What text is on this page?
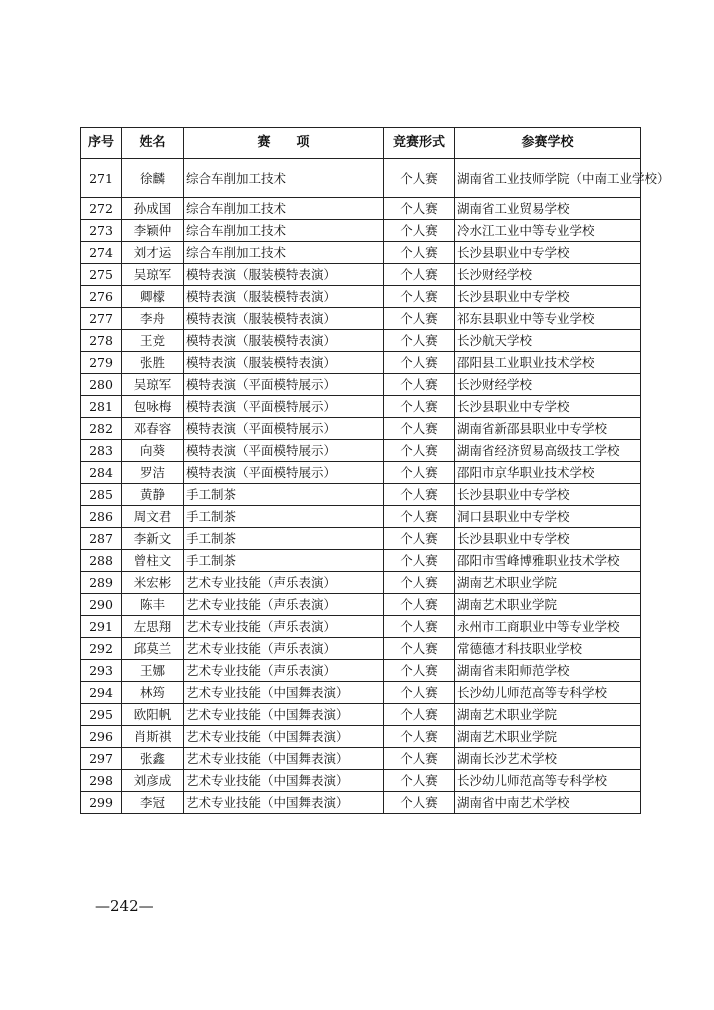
序号	姓名	赛　　项	竞赛形式	参赛学校
271	徐麟	综合车削加工技术	个人赛	湖南省工业技师学院（中南工业学校）
272	孙成国	综合车削加工技术	个人赛	湖南省工业贸易学校
273	李颖仲	综合车削加工技术	个人赛	冷水江工业中等专业学校
274	刘才运	综合车削加工技术	个人赛	长沙县职业中专学校
275	吴琼军	模特表演（服装模特表演）	个人赛	长沙财经学校
276	卿檬	模特表演（服装模特表演）	个人赛	长沙县职业中专学校
277	李舟	模特表演（服装模特表演）	个人赛	祁东县职业中等专业学校
278	王竞	模特表演（服装模特表演）	个人赛	长沙航天学校
279	张胜	模特表演（服装模特表演）	个人赛	邵阳县工业职业技术学校
280	吴琼军	模特表演（平面模特展示）	个人赛	长沙财经学校
281	包咏梅	模特表演（平面模特展示）	个人赛	长沙县职业中专学校
282	邓春容	模特表演（平面模特展示）	个人赛	湖南省新邵县职业中专学校
283	向葵	模特表演（平面模特展示）	个人赛	湖南省经济贸易高级技工学校
284	罗洁	模特表演（平面模特展示）	个人赛	邵阳市京华职业技术学校
285	黄静	手工制茶	个人赛	长沙县职业中专学校
286	周文君	手工制茶	个人赛	洞口县职业中专学校
287	李新文	手工制茶	个人赛	长沙县职业中专学校
288	曾柱文	手工制茶	个人赛	邵阳市雪峰博雅职业技术学校
289	米宏彬	艺术专业技能（声乐表演）	个人赛	湖南艺术职业学院
290	陈丰	艺术专业技能（声乐表演）	个人赛	湖南艺术职业学院
291	左思翔	艺术专业技能（声乐表演）	个人赛	永州市工商职业中等专业学校
292	邱莫兰	艺术专业技能（声乐表演）	个人赛	常德德才科技职业学校
293	王娜	艺术专业技能（声乐表演）	个人赛	湖南省耒阳师范学校
294	林筠	艺术专业技能（中国舞表演）	个人赛	长沙幼儿师范高等专科学校
295	欧阳帆	艺术专业技能（中国舞表演）	个人赛	湖南艺术职业学院
296	肖斯祺	艺术专业技能（中国舞表演）	个人赛	湖南艺术职业学院
297	张鑫	艺术专业技能（中国舞表演）	个人赛	湖南长沙艺术学校
298	刘彦成	艺术专业技能（中国舞表演）	个人赛	长沙幼儿师范高等专科学校
299	李冠	艺术专业技能（中国舞表演）	个人赛	湖南省中南艺术学校
—242—
